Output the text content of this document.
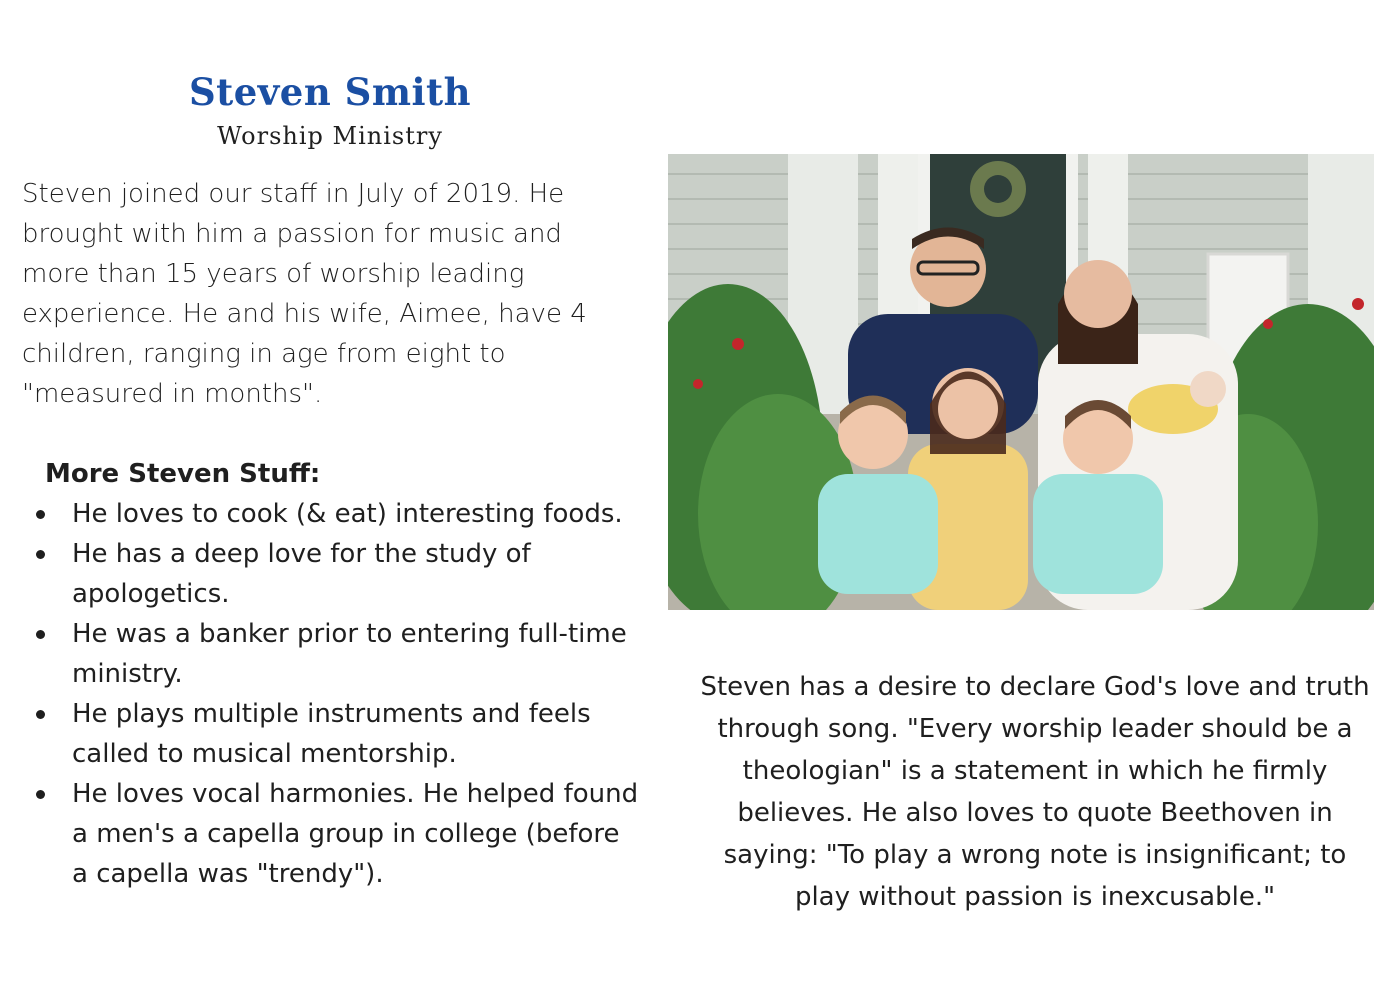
Steven Smith
Worship Ministry

Steven joined our staff in July of 2019. He brought with him a passion for music and more than 15 years of worship leading experience. He and his wife, Aimee, have 4 children, ranging in age from eight to "measured in months".

More Steven Stuff:
He loves to cook (& eat) interesting foods.
He has a deep love for the study of apologetics.
He was a banker prior to entering full-time ministry.
He plays multiple instruments and feels called to musical mentorship.
He loves vocal harmonies. He helped found a men's a capella group in college (before a capella was "trendy").

Steven has a desire to declare God's love and truth through song. "Every worship leader should be a theologian" is a statement in which he firmly believes. He also loves to quote Beethoven in saying: "To play a wrong note is insignificant; to play without passion is inexcusable."
